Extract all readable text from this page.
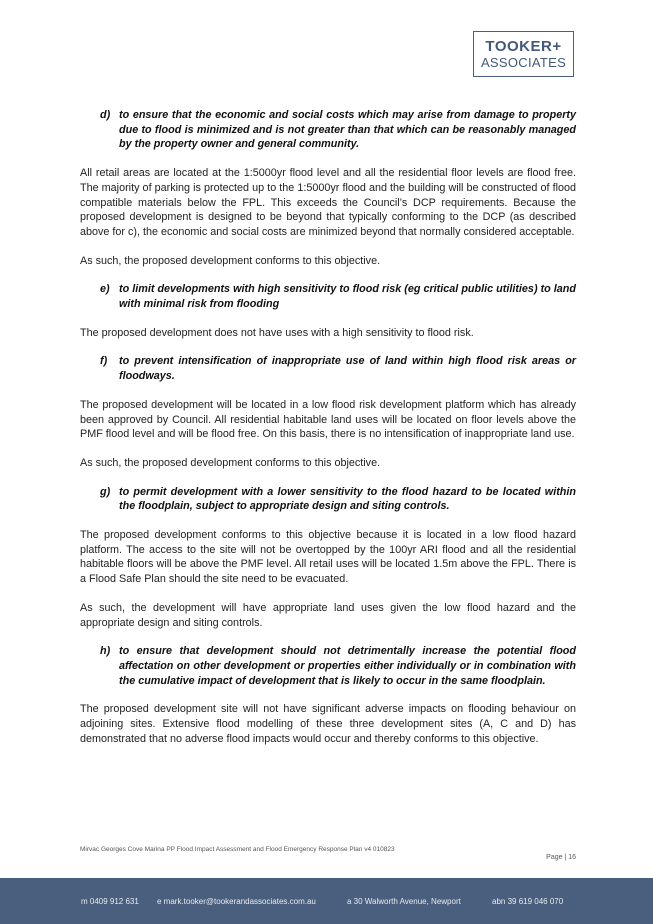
TOOKER+
ASSOCIATES

d) to ensure that the economic and social costs which may arise from damage to property due to flood is minimized and is not greater than that which can be reasonably managed by the property owner and general community.

All retail areas are located at the 1:5000yr flood level and all the residential floor levels are flood free. The majority of parking is protected up to the 1:5000yr flood and the building will be constructed of flood compatible materials below the FPL. This exceeds the Council’s DCP requirements. Because the proposed development is designed to be beyond that typically conforming to the DCP (as described above for c), the economic and social costs are minimized beyond that normally considered acceptable.

As such, the proposed development conforms to this objective.

e) to limit developments with high sensitivity to flood risk (eg critical public utilities) to land with minimal risk from flooding

The proposed development does not have uses with a high sensitivity to flood risk.

f) to prevent intensification of inappropriate use of land within high flood risk areas or floodways.

The proposed development will be located in a low flood risk development platform which has already been approved by Council. All residential habitable land uses will be located on floor levels above the PMF flood level and will be flood free. On this basis, there is no intensification of inappropriate land use.

As such, the proposed development conforms to this objective.

g) to permit development with a lower sensitivity to the flood hazard to be located within the floodplain, subject to appropriate design and siting controls.

The proposed development conforms to this objective because it is located in a low flood hazard platform. The access to the site will not be overtopped by the 100yr ARI flood and all the residential habitable floors will be above the PMF level. All retail uses will be located 1.5m above the FPL. There is a Flood Safe Plan should the site need to be evacuated.

As such, the development will have appropriate land uses given the low flood hazard and the appropriate design and siting controls.

h) to ensure that development should not detrimentally increase the potential flood affectation on other development or properties either individually or in combination with the cumulative impact of development that is likely to occur in the same floodplain.

The proposed development site will not have significant adverse impacts on flooding behaviour on adjoining sites. Extensive flood modelling of these three development sites (A, C and D) has demonstrated that no adverse flood impacts would occur and thereby conforms to this objective.

Mirvac Georges Cove Marina PP Flood Impact Assessment and Flood Emergency Response Plan v4 010823
Page | 16
m 0409 912 631 e mark.tooker@tookerandassociates.com.au	a 30 Walworth Avenue, Newport	abn 39 619 046 070
